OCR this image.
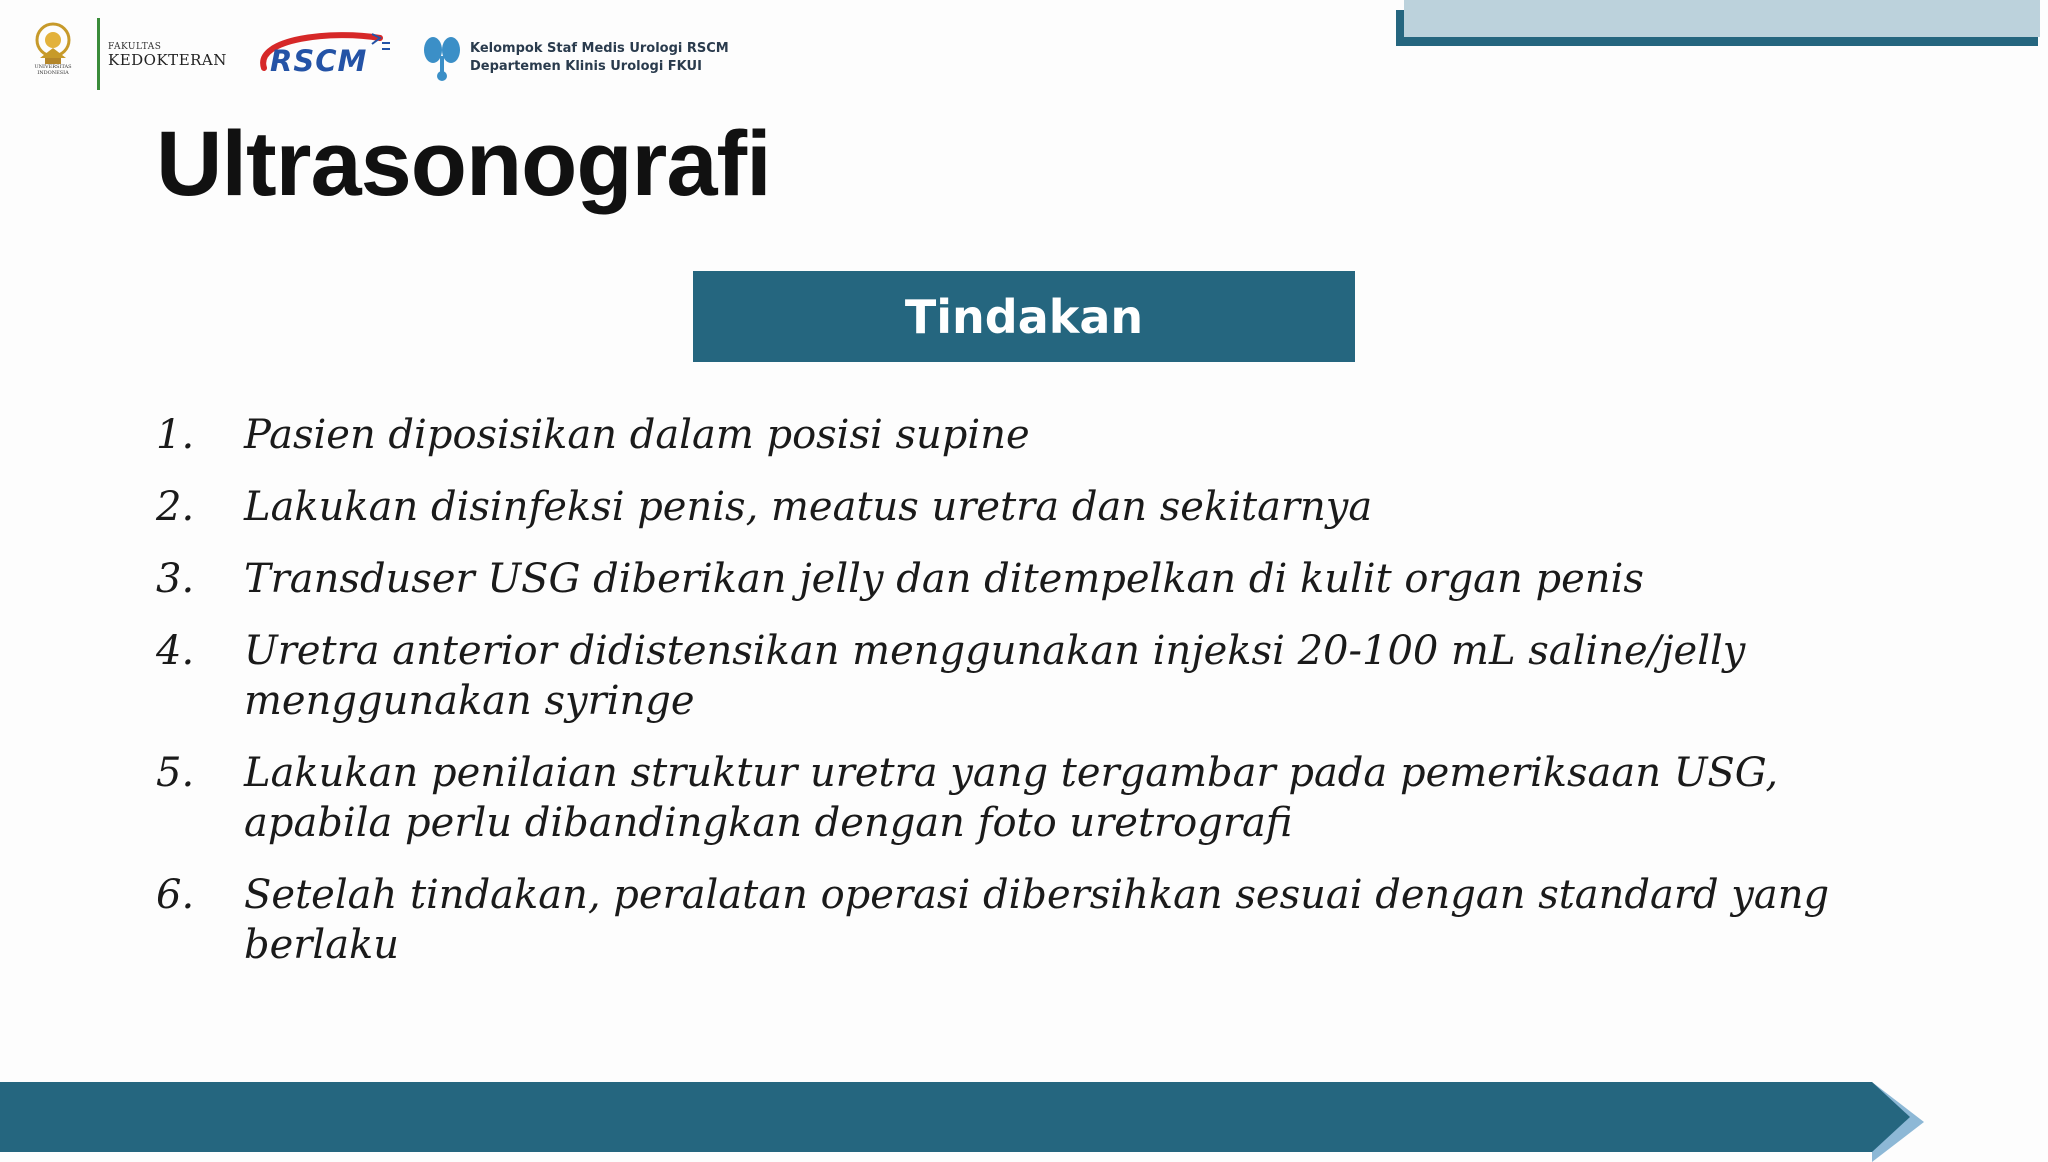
UNIVERSITAS INDONESIA
FAKULTAS
KEDOKTERAN RSCM	Kelompok Staf Medis Urologi RSCM
Departemen Klinis Urologi FKUI
Ultrasonografi
Tindakan
1.	Pasien diposisikan dalam posisi supine
2.	Lakukan disinfeksi penis, meatus uretra dan sekitarnya
3.	Transduser USG diberikan jelly dan ditempelkan di kulit organ penis
4.	Uretra anterior didistensikan menggunakan injeksi 20-100 mL saline/jelly menggunakan syringe
5.	Lakukan penilaian struktur uretra yang tergambar pada pemeriksaan USG, apabila perlu dibandingkan dengan foto uretrografi
6.	Setelah tindakan, peralatan operasi dibersihkan sesuai dengan standard yang berlaku
